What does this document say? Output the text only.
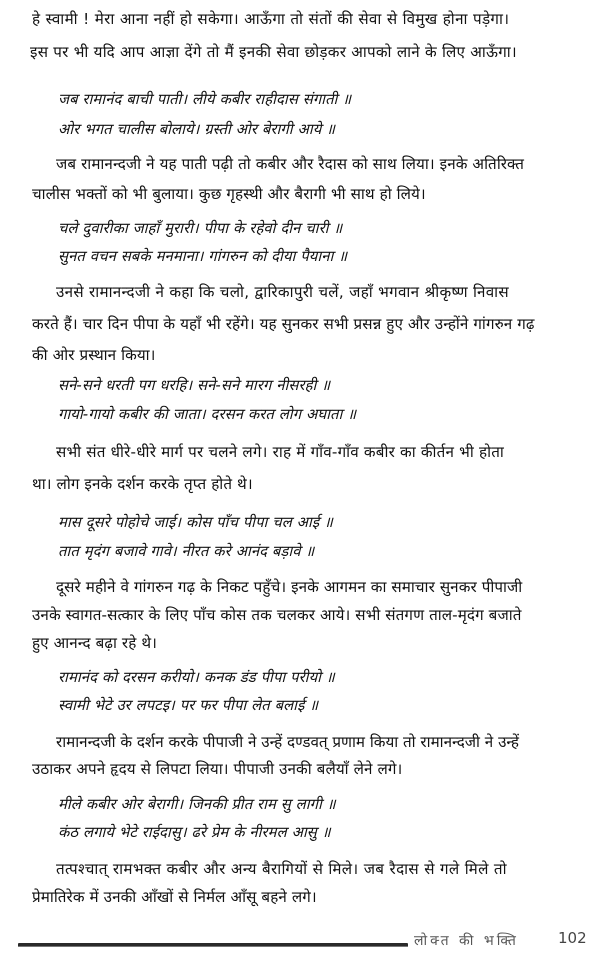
हे स्वामी ! मेरा आना नहीं हो सकेगा। आऊँगा तो संतों की सेवा से विमुख होना पड़ेगा।
इस पर भी यदि आप आज्ञा देंगे तो मैं इनकी सेवा छोड़कर आपको लाने के लिए आऊँगा।
जब रामानंद बाची पाती। लीये कबीर राहीदास संगाती ॥
ओर भगत चालीस बोलाये। ग्रस्ती ओर बेरागी आये ॥
जब रामानन्दजी ने यह पाती पढ़ी तो कबीर और रैदास को साथ लिया। इनके अतिरिक्त
चालीस भक्तों को भी बुलाया। कुछ गृहस्थी और बैरागी भी साथ हो लिये।
चले दुवारीका जाहाँ मुरारी। पीपा के रहेवो दीन चारी ॥
सुनत वचन सबके मनमाना। गांगरुन को दीया पैयाना ॥
उनसे रामानन्दजी ने कहा कि चलो, द्वारिकापुरी चलें, जहाँ भगवान श्रीकृष्ण निवास
करते हैं। चार दिन पीपा के यहाँ भी रहेंगे। यह सुनकर सभी प्रसन्न हुए और उन्होंने गांगरुन गढ़
की ओर प्रस्थान किया।
सने-सने धरती पग धरहि। सने-सने मारग नीसरही ॥
गायो-गायो कबीर की जाता। दरसन करत लोग अघाता ॥
सभी संत धीरे-धीरे मार्ग पर चलने लगे। राह में गाँव-गाँव कबीर का कीर्तन भी होता
था। लोग इनके दर्शन करके तृप्त होते थे।
मास दूसरे पोहोचे जाई। कोस पाँच पीपा चल आई ॥
तात मृदंग बजावे गावे। नीरत करे आनंद बड़ावे ॥
दूसरे महीने वे गांगरुन गढ़ के निकट पहुँचे। इनके आगमन का समाचार सुनकर पीपाजी
उनके स्वागत-सत्कार के लिए पाँच कोस तक चलकर आये। सभी संतगण ताल-मृदंग बजाते
हुए आनन्द बढ़ा रहे थे।
रामानंद को दरसन करीयो। कनक डंड पीपा परीयो ॥
स्वामी भेटे उर लपटइ। पर फर पीपा लेत बलाई ॥
रामानन्दजी के दर्शन करके पीपाजी ने उन्हें दण्डवत् प्रणाम किया तो रामानन्दजी ने उन्हें
उठाकर अपने हृदय से लिपटा लिया। पीपाजी उनकी बलैयाँ लेने लगे।
मीले कबीर ओर बेरागी। जिनकी प्रीत राम सु लागी ॥
कंठ लगाये भेटे राईदासु। ढरे प्रेम के नीरमल आसु ॥
तत्पश्चात् रामभक्त कबीर और अन्य बैरागियों से मिले। जब रैदास से गले मिले तो
प्रेमातिरेक में उनकी आँखों से निर्मल आँसू बहने लगे।
लोक्त की भक्ति	102
